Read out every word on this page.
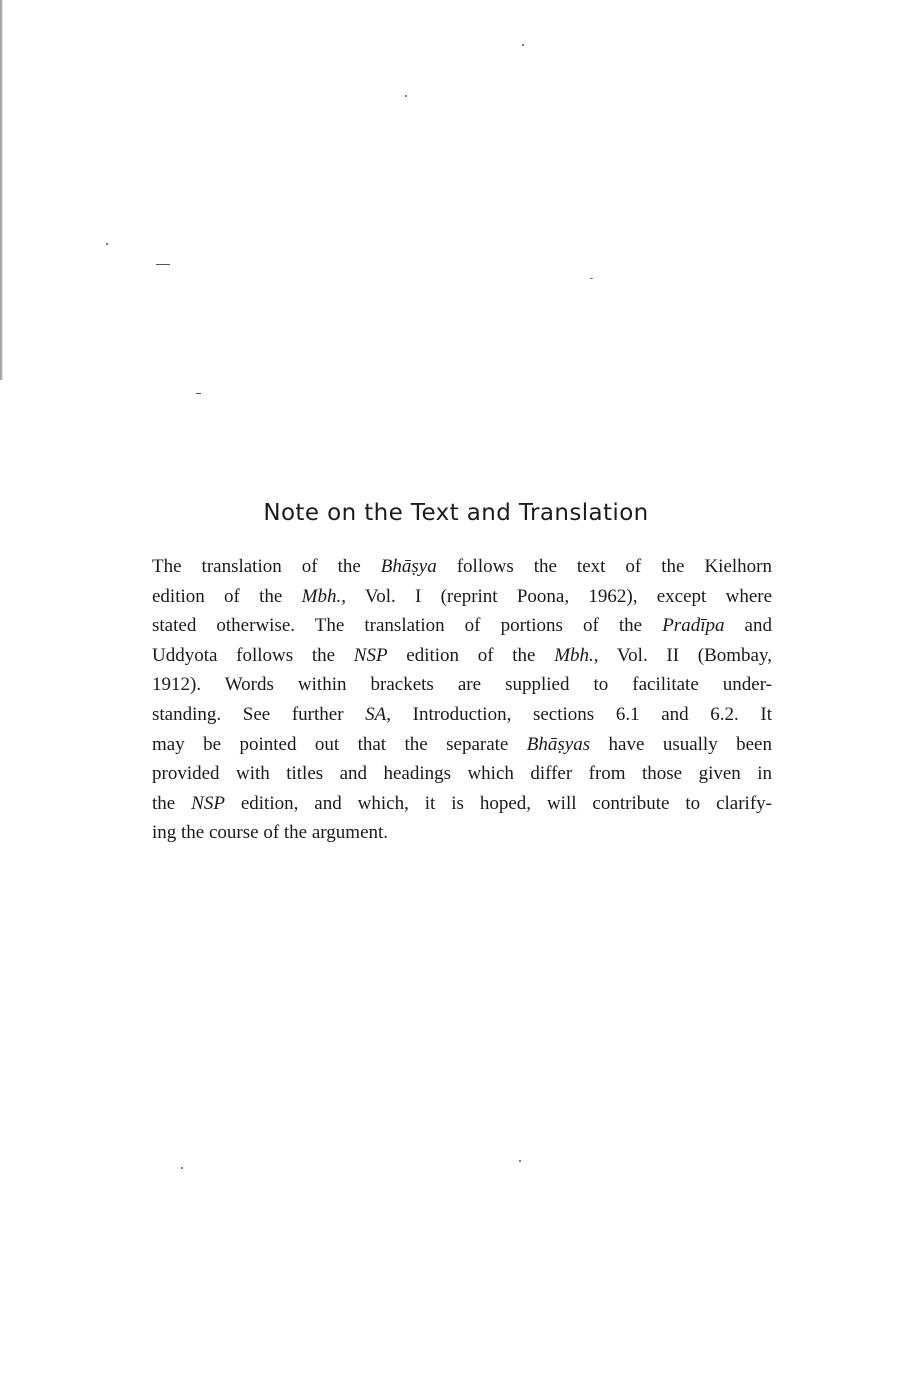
Note on the Text and Translation
The translation of the Bhāṣya follows the text of the Kielhorn
edition of the Mbh., Vol. I (reprint Poona, 1962), except where
stated otherwise. The translation of portions of the Pradīpa and
Uddyota follows the NSP edition of the Mbh., Vol. II (Bombay,
1912). Words within brackets are supplied to facilitate under-
standing. See further SA, Introduction, sections 6.1 and 6.2. It
may be pointed out that the separate Bhāṣyas have usually been
provided with titles and headings which differ from those given in
the NSP edition, and which, it is hoped, will contribute to clarify-
ing the course of the argument.
